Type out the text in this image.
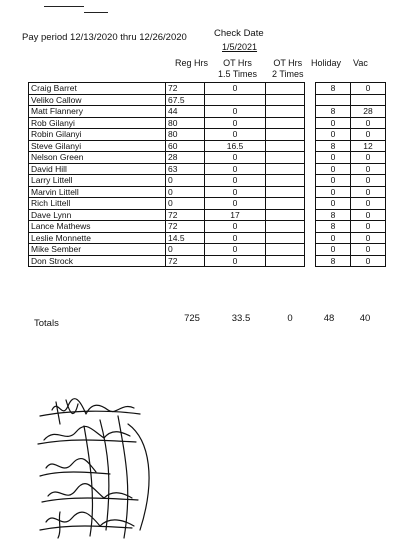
Pay period 12/13/2020 thru 12/26/2020	Check Date
1/5/2021
Reg Hrs	OT Hrs
1.5 Times
OT Hrs
2 Times
Holiday Vac
Craig Barret	72	0			8	0
Veliko Callow	67.5					
Matt Flannery	44	0			8	28
Rob Gilanyi	80	0			0	0
Robin Gilanyi	80	0			0	0
Steve Gilanyi	60	16.5			8	12
Nelson Green	28	0			0	0
David Hill	63	0			0	0
Larry Littell	0	0			0	0
Marvin Littell	0	0			0	0
Rich Littell	0	0			0	0
Dave Lynn	72	17			8	0
Lance Mathews	72	0			8	0
Leslie Monnette	14.5	0			0	0
Mike Sember	0	0			0	0
Don Strock	72	0			8	0
Totals	725	33.5	0	48	40
